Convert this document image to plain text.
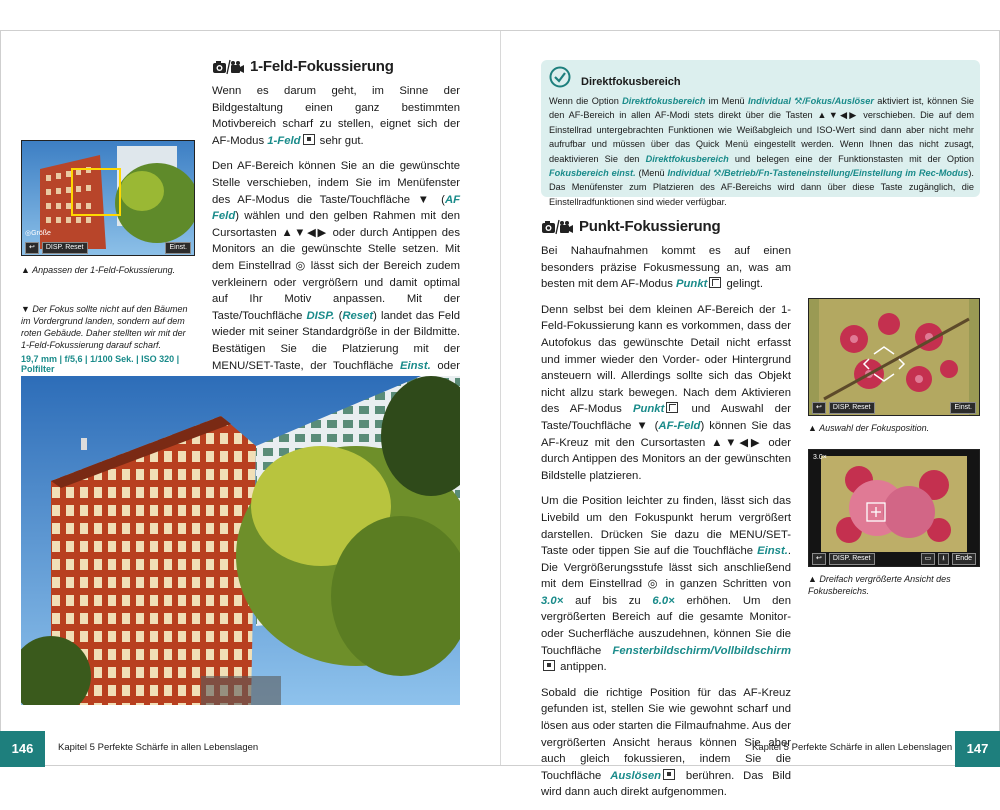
1-Feld-Fokussierung

Wenn es darum geht, im Sinne der Bildgestaltung einen ganz bestimmten Motivbereich scharf zu stellen, eignet sich der AF-Modus 1-Feld sehr gut.

Den AF-Bereich können Sie an die gewünschte Stelle verschieben, indem Sie im Menüfenster des AF-Modus die Taste/Touchfläche ▼ (AF Feld) wählen und den gelben Rahmen mit den Cursortasten ▲▼◀▶ oder durch Antippen des Monitors an die gewünschte Stelle setzen. Mit dem Einstellrad ◎ lässt sich der Bereich zudem verkleinern oder vergrößern und damit optimal auf Ihr Motiv anpassen. Mit der Taste/Touchfläche DISP. (Reset) landet das Feld wieder mit seiner Standardgröße in der Bildmitte. Bestätigen Sie die Platzierung mit der MENU/SET-Taste, der Touchfläche Einst. oder

◎Größe
↩	DISP. Reset	Einst.
▲ Anpassen der 1-Feld-Fokussierung.
▼ Der Fokus sollte nicht auf den Bäumen im Vordergrund landen, sondern auf dem roten Gebäude. Daher stellten wir mit der 1-Feld-Fokussierung darauf scharf.
19,7 mm | f/5,6 | 1/100 Sek. | ISO 320 | Polfilter
146	Kapitel 5 Perfekte Schärfe in allen Lebenslagen
Direktfokusbereich
Wenn die Option Direktfokusbereich im Menü Individual ⚒/Fokus/Auslöser aktiviert ist, können Sie den AF-Bereich in allen AF-Modi stets direkt über die Tasten ▲▼◀▶ verschieben. Die auf dem Einstellrad untergebrachten Funktionen wie Weißabgleich und ISO-Wert sind dann aber nicht mehr aufrufbar und müssen über das Quick Menü eingestellt werden. Wenn Ihnen das nicht zusagt, deaktivieren Sie den Direktfokusbereich und belegen eine der Funktionstasten mit der Option Fokusbereich einst. (Menü Individual ⚒/Betrieb/Fn-Tasteneinstellung/Einstellung im Rec-Modus). Das Menüfenster zum Platzieren des AF-Bereichs wird dann über diese Taste zugänglich, die Einstellradfunktionen sind wieder verfügbar.
Punkt-Fokussierung

Bei Nahaufnahmen kommt es auf einen besonders präzise Fokusmessung an, was am besten mit dem AF-Modus Punkt gelingt.

Denn selbst bei dem kleinen AF-Bereich der 1-Feld-Fokussierung kann es vorkommen, dass der Autofokus das gewünschte Detail nicht erfasst und immer wieder den Vorder- oder Hintergrund ansteuern will. Allerdings sollte sich das Objekt nicht allzu stark bewegen. Nach dem Aktivieren des AF-Modus Punkt und Auswahl der Taste/Touchfläche ▼ (AF-Feld) können Sie das AF-Kreuz mit den Cursortasten ▲▼◀▶ oder durch Antippen des Monitors an der gewünschten Bildstelle platzieren.

Um die Position leichter zu finden, lässt sich das Livebild um den Fokuspunkt herum vergrößert darstellen. Drücken Sie dazu die MENU/SET-Taste oder tippen Sie auf die Touchfläche Einst.. Die Vergrößerungsstufe lässt sich anschließend mit dem Einstellrad ◎ in ganzen Schritten von 3.0× auf bis zu 6.0× erhöhen. Um den vergrößerten Bereich auf die gesamte Monitor- oder Sucherfläche auszudehnen, können Sie die Touchfläche Fensterbildschirm/Vollbildschirm antippen.

Sobald die richtige Position für das AF-Kreuz gefunden ist, stellen Sie wie gewohnt scharf und lösen aus oder starten die Filmaufnahme. Aus der vergrößerten Ansicht heraus können Sie aber auch gleich fokussieren, indem Sie die Touchfläche Auslösen berühren. Das Bild wird dann auch direkt aufgenommen.

↩	DISP. Reset	Einst.
▲ Auswahl der Fokusposition.
3.0×
↩	DISP. Reset	▭	⭳	Ende
▲ Dreifach vergrößerte Ansicht des Fokusbereichs.
147
Kapitel 5 Perfekte Schärfe in allen Lebenslagen
